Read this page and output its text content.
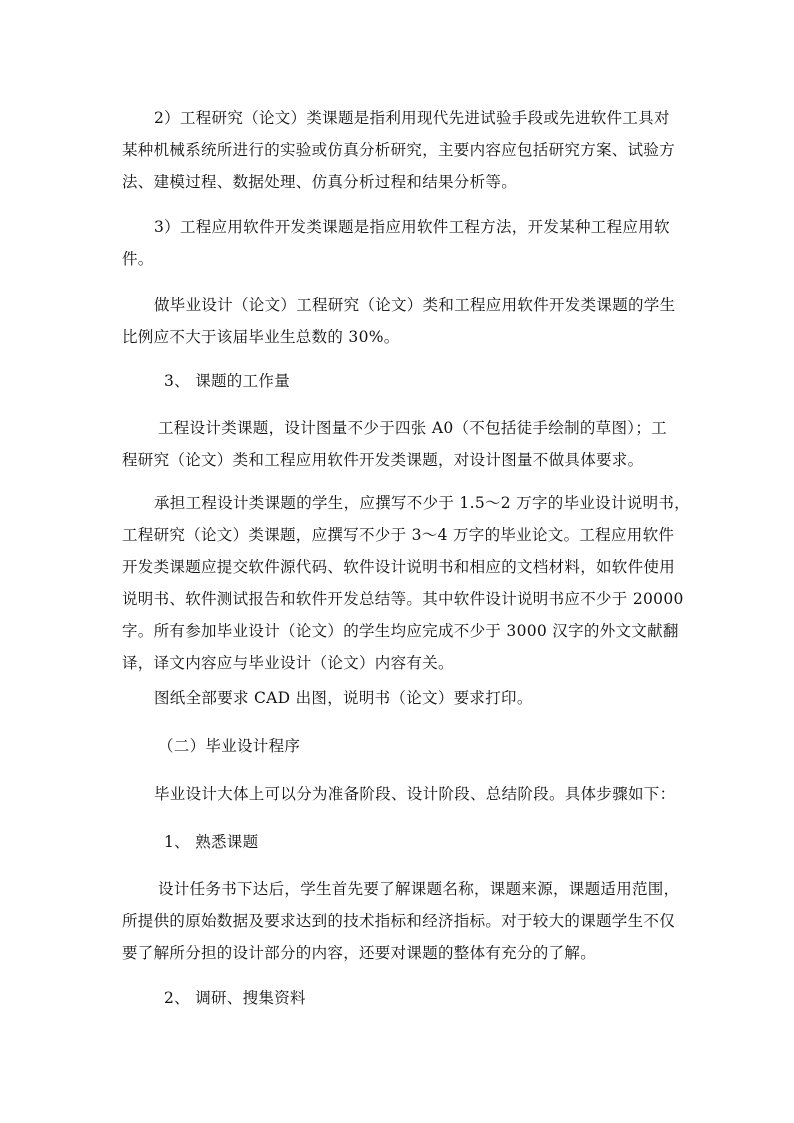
2）工程研究（论文）类课题是指利用现代先进试验手段或先进软件工具对
某种机械系统所进行的实验或仿真分析研究，主要内容应包括研究方案、试验方
法、建模过程、数据处理、仿真分析过程和结果分析等。
3）工程应用软件开发类课题是指应用软件工程方法，开发某种工程应用软
件。
做毕业设计（论文）工程研究（论文）类和工程应用软件开发类课题的学生
比例应不大于该届毕业生总数的 30%。
3、 课题的工作量
工程设计类课题，设计图量不少于四张 A0（不包括徒手绘制的草图）；工
程研究（论文）类和工程应用软件开发类课题，对设计图量不做具体要求。
承担工程设计类课题的学生，应撰写不少于 1.5～2 万字的毕业设计说明书，
工程研究（论文）类课题，应撰写不少于 3～4 万字的毕业论文。工程应用软件
开发类课题应提交软件源代码、软件设计说明书和相应的文档材料，如软件使用
说明书、软件测试报告和软件开发总结等。其中软件设计说明书应不少于 20000
字。所有参加毕业设计（论文）的学生均应完成不少于 3000 汉字的外文文献翻
译，译文内容应与毕业设计（论文）内容有关。
图纸全部要求 CAD 出图，说明书（论文）要求打印。
（二）毕业设计程序
毕业设计大体上可以分为准备阶段、设计阶段、总结阶段。具体步骤如下：
1、 熟悉课题
设计任务书下达后，学生首先要了解课题名称，课题来源，课题适用范围，
所提供的原始数据及要求达到的技术指标和经济指标。对于较大的课题学生不仅
要了解所分担的设计部分的内容，还要对课题的整体有充分的了解。
2、 调研、搜集资料
